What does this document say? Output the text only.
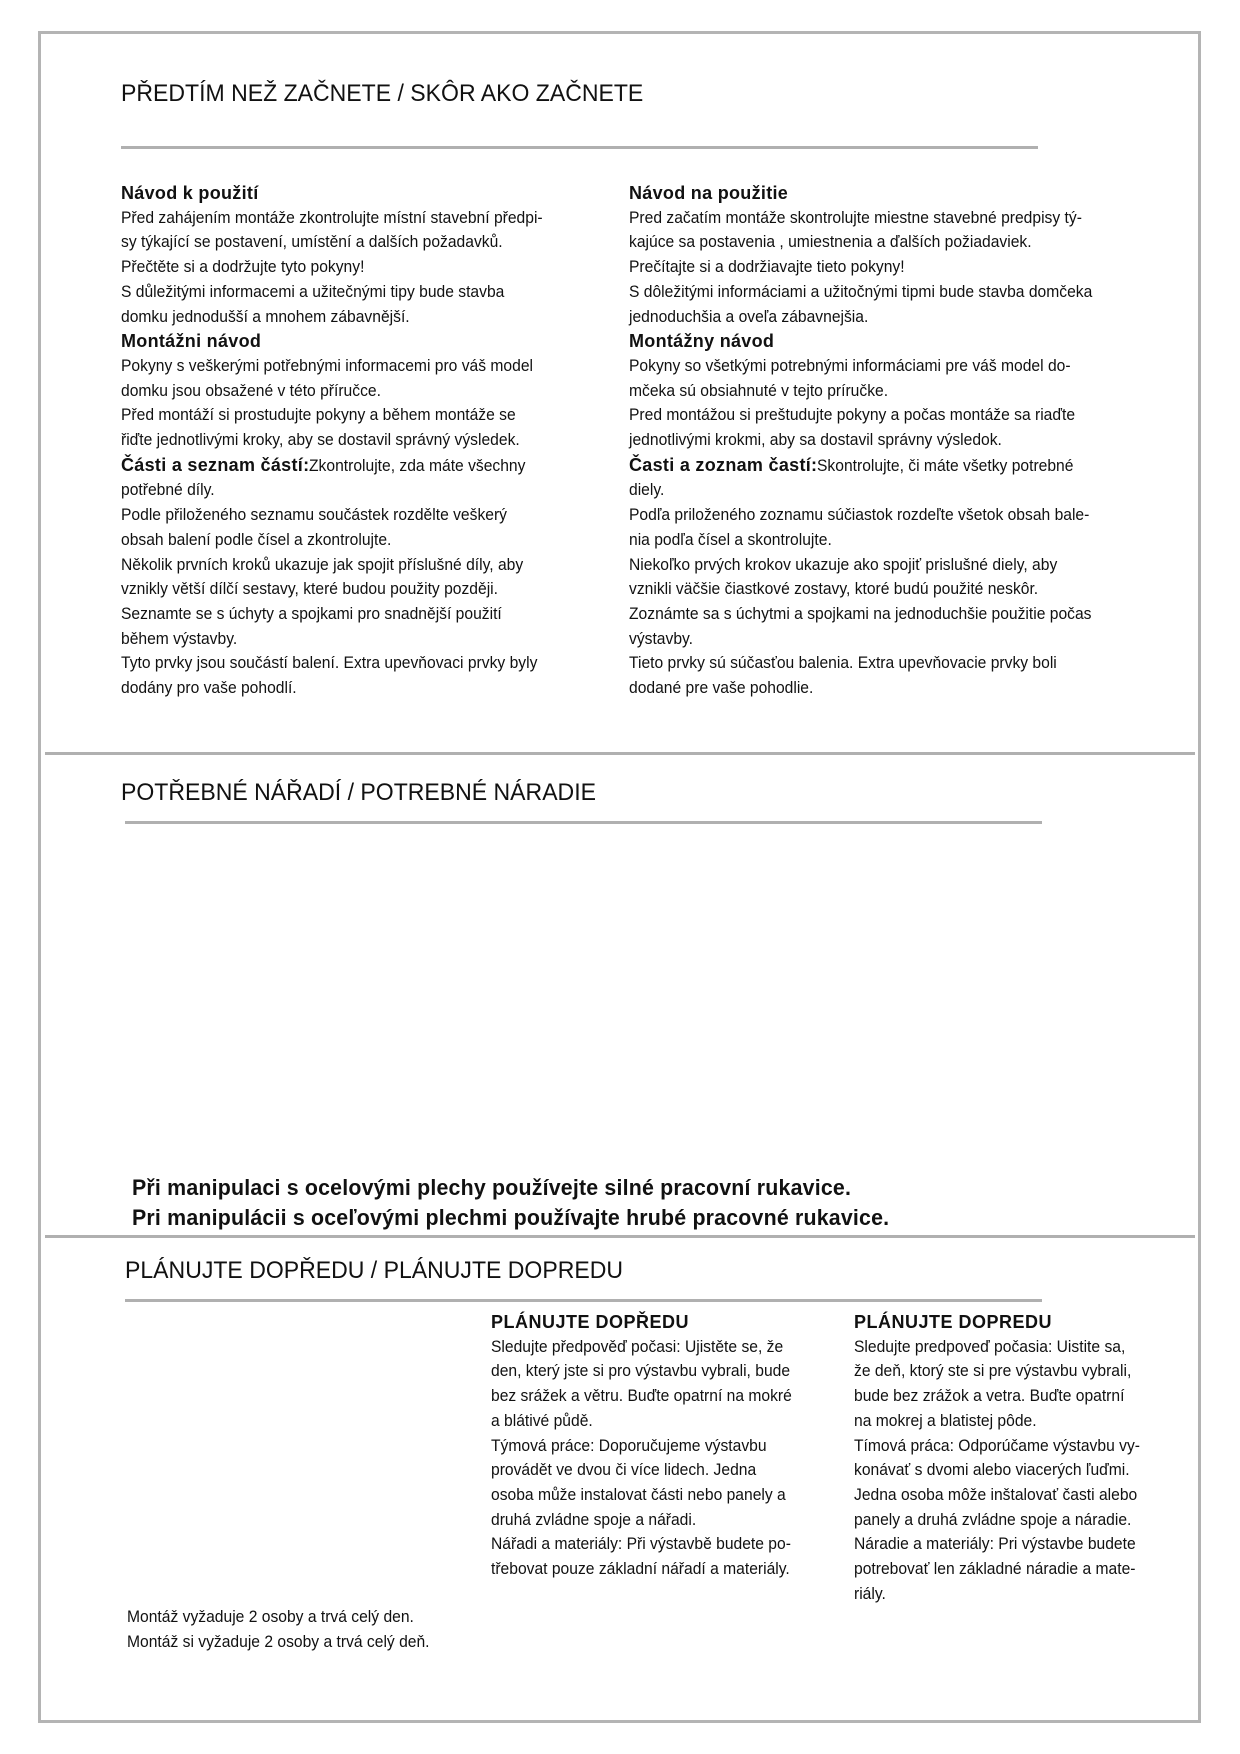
PŘEDTÍM NEŽ ZAČNETE / SKÔR AKO ZAČNETE
Návod k použití
Před zahájením montáže zkontrolujte místní stavební předpi-
sy týkající se postavení, umístění a dalších požadavků.
Přečtěte si a dodržujte tyto pokyny!
S důležitými informacemi a užitečnými tipy bude stavba
domku jednodušší a mnohem zábavnější.
Montážni návod
Pokyny s veškerými potřebnými informacemi pro váš model
domku jsou obsažené v této příručce.
Před montáží si prostudujte pokyny a během montáže se
řiďte jednotlivými kroky, aby se dostavil správný výsledek.
Části a seznam částí:Zkontrolujte, zda máte všechny
potřebné díly.
Podle přiloženého seznamu součástek rozdělte veškerý
obsah balení podle čísel a zkontrolujte.
Několik prvních kroků ukazuje jak spojit příslušné díly, aby
vznikly větší dílčí sestavy, které budou použity později.
Seznamte se s úchyty a spojkami pro snadnější použití
během výstavby.
Tyto prvky jsou součástí balení. Extra upevňovaci prvky byly
dodány pro vaše pohodlí.
Návod na použitie
Pred začatím montáže skontrolujte miestne stavebné predpisy tý-
kajúce sa postavenia , umiestnenia a ďalších požiadaviek.
Prečítajte si a dodržiavajte tieto pokyny!
S dôležitými informáciami a užitočnými tipmi bude stavba domčeka
jednoduchšia a oveľa zábavnejšia.
Montážny návod
Pokyny so všetkými potrebnými informáciami pre váš model do-
mčeka sú obsiahnuté v tejto príručke.
Pred montážou si preštudujte pokyny a počas montáže sa riaďte
jednotlivými krokmi, aby sa dostavil správny výsledok.
Časti a zoznam častí:Skontrolujte, či máte všetky potrebné
diely.
Podľa priloženého zoznamu súčiastok rozdeľte všetok obsah bale-
nia podľa čísel a skontrolujte.
Niekoľko prvých krokov ukazuje ako spojiť prislušné diely, aby
vznikli väčšie čiastkové zostavy, ktoré budú použité neskôr.
Zoznámte sa s úchytmi a spojkami na jednoduchšie použitie počas
výstavby.
Tieto prvky sú súčasťou balenia. Extra upevňovacie prvky boli
dodané pre vaše pohodlie.
POTŘEBNÉ NÁŘADÍ / POTREBNÉ NÁRADIE
Při manipulaci s ocelovými plechy používejte silné pracovní rukavice.
Pri manipulácii s oceľovými plechmi používajte hrubé pracovné rukavice.
PLÁNUJTE DOPŘEDU / PLÁNUJTE DOPREDU
PLÁNUJTE DOPŘEDU
Sledujte předpověď počasi: Ujistěte se, že
den, který jste si pro výstavbu vybrali, bude
bez srážek a větru. Buďte opatrní na mokré
a blátivé půdě.
Týmová práce: Doporučujeme výstavbu
provádět ve dvou či více lidech. Jedna
osoba může instalovat části nebo panely a
druhá zvládne spoje a nářadi.
Nářadi a materiály: Při výstavbě budete po-
třebovat pouze základní nářadí a materiály.
PLÁNUJTE DOPREDU
Sledujte predpoveď počasia: Uistite sa,
že deň, ktorý ste si pre výstavbu vybrali,
bude bez zrážok a vetra. Buďte opatrní
na mokrej a blatistej pôde.
Tímová práca: Odporúčame výstavbu vy-
konávať s dvomi alebo viacerých ľuďmi.
Jedna osoba môže inštalovať časti alebo
panely a druhá zvládne spoje a náradie.
Náradie a materiály: Pri výstavbe budete
potrebovať len základné náradie a mate-
riály.
Montáž vyžaduje 2 osoby a trvá celý den.
Montáž si vyžaduje 2 osoby a trvá celý deň.
